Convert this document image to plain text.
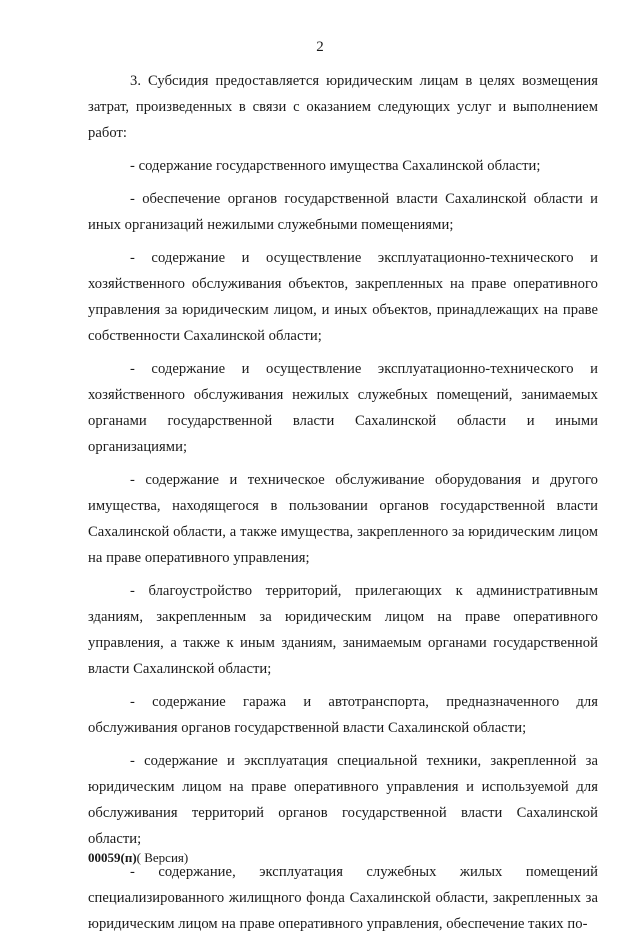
2

3. Субсидия предоставляется юридическим лицам в целях возмещения затрат, произведенных в связи с оказанием следующих услуг и выполнением работ:

- содержание государственного имущества Сахалинской области;

- обеспечение органов государственной власти Сахалинской области и иных организаций нежилыми служебными помещениями;

- содержание и осуществление эксплуатационно-технического и хозяйственного обслуживания объектов, закрепленных на праве оперативного управления за юридическим лицом, и иных объектов, принадлежащих на праве собственности Сахалинской области;

- содержание и осуществление эксплуатационно-технического и хозяйственного обслуживания нежилых служебных помещений, занимаемых органами государственной власти Сахалинской области и иными организациями;

- содержание и техническое обслуживание оборудования и другого имущества, находящегося в пользовании органов государственной власти Сахалинской области, а также имущества, закрепленного за юридическим лицом на праве оперативного управления;

- благоустройство территорий, прилегающих к административным зданиям, закрепленным за юридическим лицом на праве оперативного управления, а также к иным зданиям, занимаемым органами государственной власти Сахалинской области;

- содержание гаража и автотранспорта, предназначенного для обслуживания органов государственной власти Сахалинской области;

- содержание и эксплуатация специальной техники, закрепленной за юридическим лицом на праве оперативного управления и используемой для обслуживания территорий органов государственной власти Сахалинской области;

- содержание, эксплуатация служебных жилых помещений специализированного жилищного фонда Сахалинской области, закрепленных за юридическим лицом на праве оперативного управления, обеспечение таких по-

00059(п)( Версия)
